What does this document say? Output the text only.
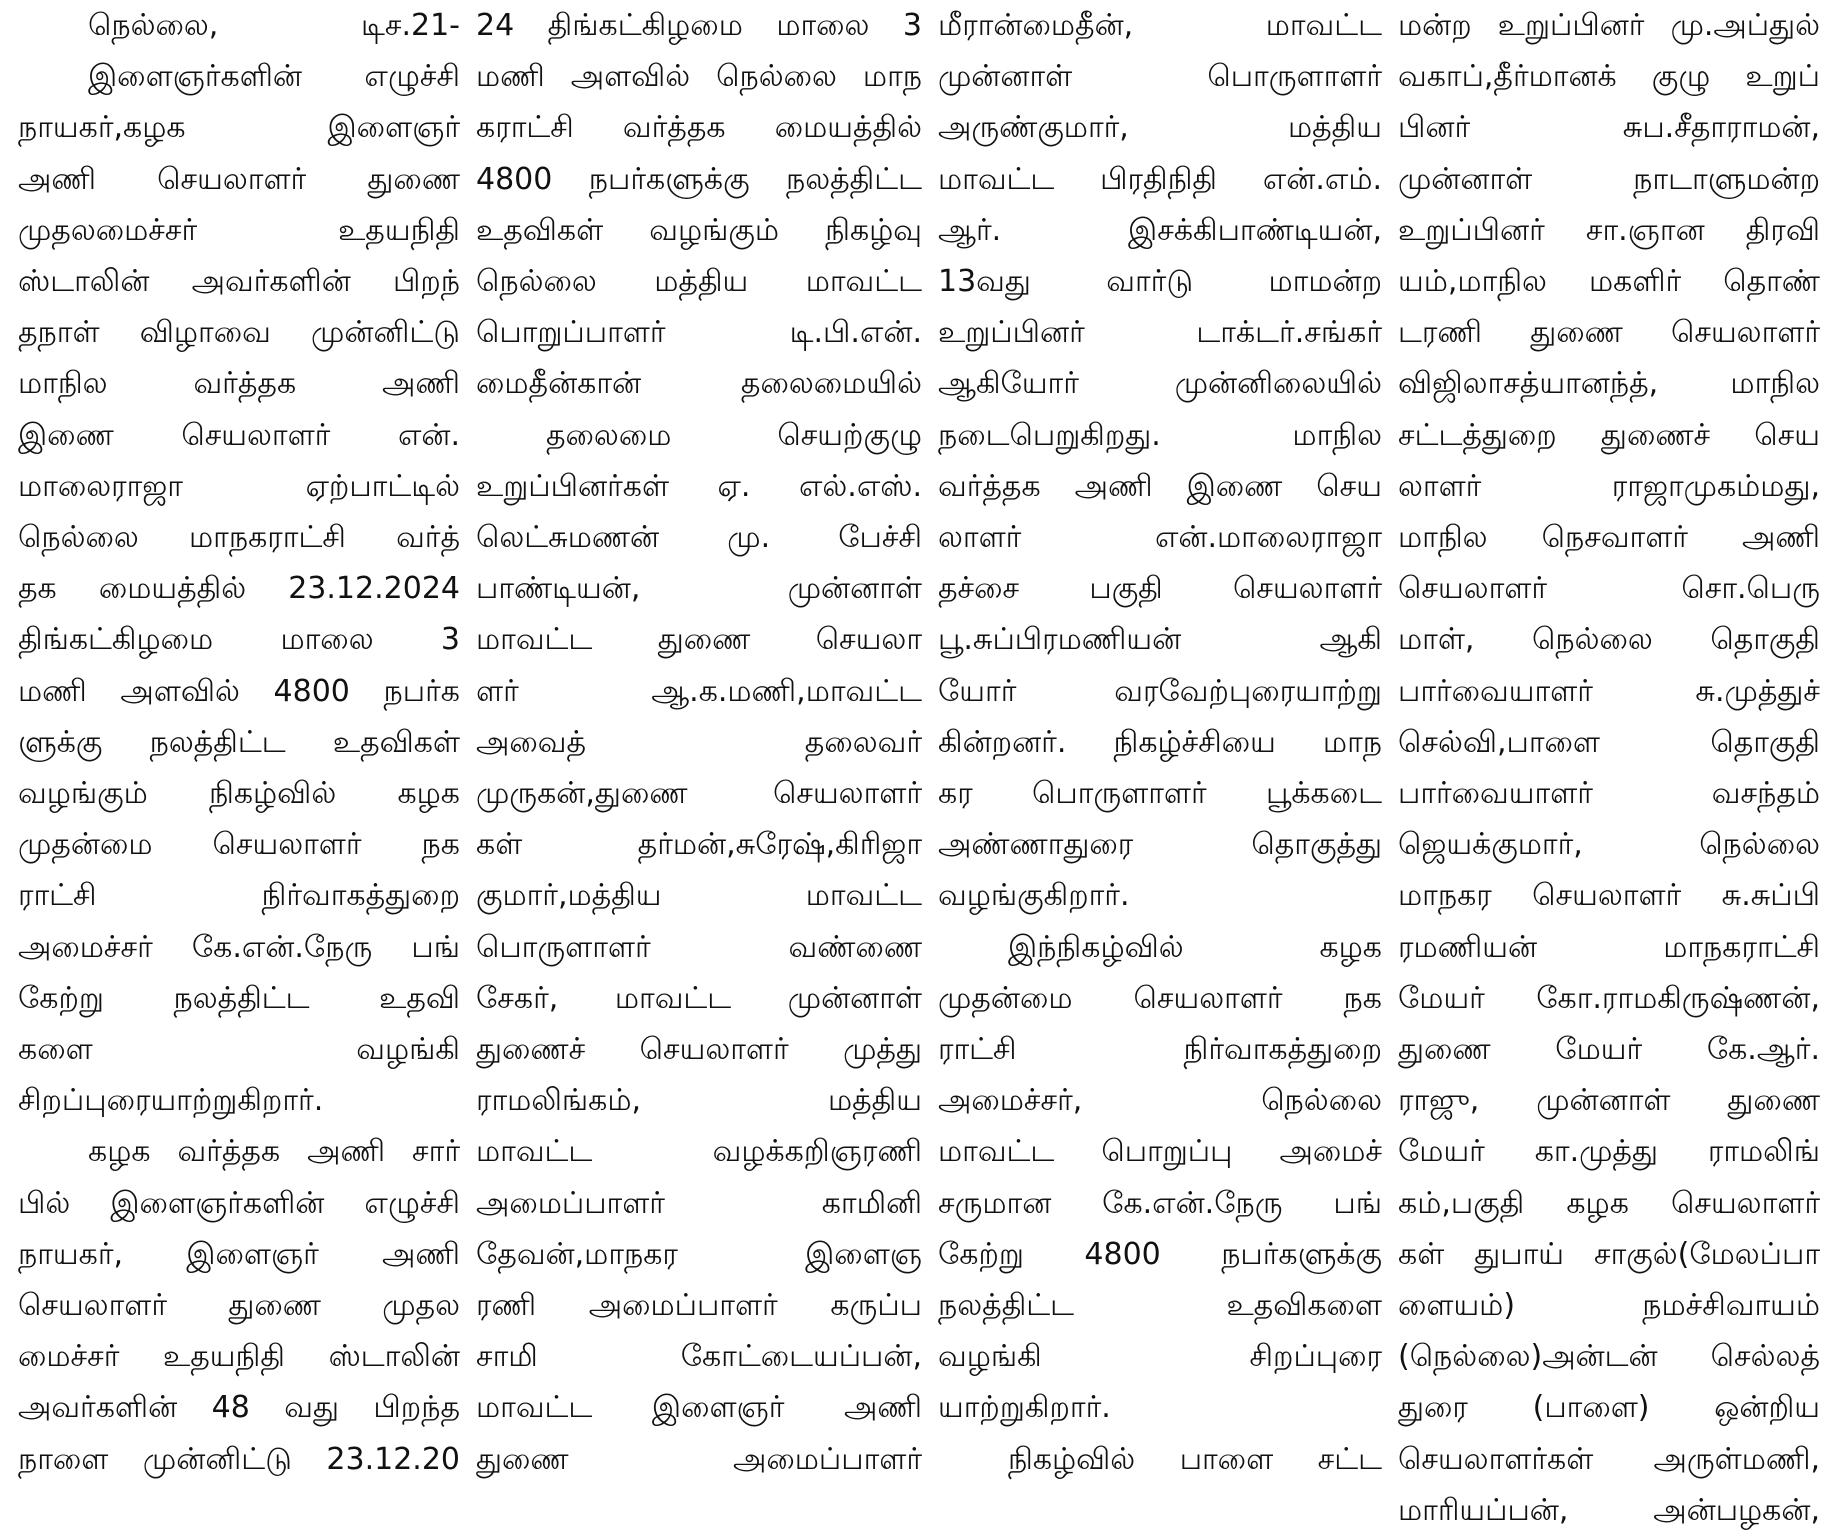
நெல்லை, டிச.21-
இளைஞர்களின் எழுச்சி
நாயகர்,கழக இளைஞர்
அணி செயலாளர் துணை
முதலமைச்சர் உதயநிதி
ஸ்டாலின் அவர்களின் பிறந்
தநாள் விழாவை முன்னிட்டு
மாநில வர்த்தக அணி
இணை செயலாளர் என்.
மாலைராஜா ஏற்பாட்டில்
நெல்லை மாநகராட்சி வர்த்
தக மையத்தில் 23.12.2024
திங்கட்கிழமை மாலை 3
மணி அளவில் 4800 நபர்க
ளுக்கு நலத்திட்ட உதவிகள்
வழங்கும் நிகழ்வில் கழக
முதன்மை செயலாளர் நக
ராட்சி நிர்வாகத்துறை
அமைச்சர் கே.என்.நேரு பங்
கேற்று நலத்திட்ட உதவி
களை வழங்கி
சிறப்புரையாற்றுகிறார்.
கழக வர்த்தக அணி சார்
பில் இளைஞர்களின் எழுச்சி
நாயகர், இளைஞர் அணி
செயலாளர் துணை முதல
மைச்சர் உதயநிதி ஸ்டாலின்
அவர்களின் 48 வது பிறந்த
நாளை முன்னிட்டு 23.12.20

24 திங்கட்கிழமை மாலை 3
மணி அளவில் நெல்லை மாந
கராட்சி வர்த்தக மையத்தில்
4800 நபர்களுக்கு நலத்திட்ட
உதவிகள் வழங்கும் நிகழ்வு
நெல்லை மத்திய மாவட்ட
பொறுப்பாளர் டி.பி.என்.
மைதீன்கான் தலைமையில்
தலைமை செயற்குழு
உறுப்பினர்கள் ஏ. எல்.எஸ்.
லெட்சுமணன் மு. பேச்சி
பாண்டியன், முன்னாள்
மாவட்ட துணை செயலா
ளர் ஆ.க.மணி,மாவட்ட
அவைத் தலைவர்
முருகன்,துணை செயலாளர்
கள் தர்மன்,சுரேஷ்,கிரிஜா
குமார்,மத்திய மாவட்ட
பொருளாளர் வண்ணை
சேகர், மாவட்ட முன்னாள்
துணைச் செயலாளர் முத்து
ராமலிங்கம், மத்திய
மாவட்ட வழக்கறிஞரணி
அமைப்பாளர் காமினி
தேவன்,மாநகர இளைஞ
ரணி அமைப்பாளர் கருப்ப
சாமி கோட்டையப்பன்,
மாவட்ட இளைஞர் அணி
துணை அமைப்பாளர்

மீரான்மைதீன், மாவட்ட
முன்னாள் பொருளாளர்
அருண்குமார், மத்திய
மாவட்ட பிரதிநிதி என்.எம்.
ஆர். இசக்கிபாண்டியன்,
13வது வார்டு மாமன்ற
உறுப்பினர் டாக்டர்.சங்கர்
ஆகியோர் முன்னிலையில்
நடைபெறுகிறது. மாநில
வர்த்தக அணி இணை செய
லாளர் என்.மாலைராஜா
தச்சை பகுதி செயலாளர்
பூ.சுப்பிரமணியன் ஆகி
யோர் வரவேற்புரையாற்று
கின்றனர். நிகழ்ச்சியை மாந
கர பொருளாளர் பூக்கடை
அண்ணாதுரை தொகுத்து
வழங்குகிறார்.
இந்நிகழ்வில் கழக
முதன்மை செயலாளர் நக
ராட்சி நிர்வாகத்துறை
அமைச்சர், நெல்லை
மாவட்ட பொறுப்பு அமைச்
சருமான கே.என்.நேரு பங்
கேற்று 4800 நபர்களுக்கு
நலத்திட்ட உதவிகளை
வழங்கி சிறப்புரை
யாற்றுகிறார்.
நிகழ்வில் பாளை சட்ட

மன்ற உறுப்பினர் மு.அப்துல்
வகாப்,தீர்மானக் குழு உறுப்
பினர் சுப.சீதாராமன்,
முன்னாள் நாடாளுமன்ற
உறுப்பினர் சா.ஞான திரவி
யம்,மாநில மகளிர் தொண்
டரணி துணை செயலாளர்
விஜிலாசத்யானந்த், மாநில
சட்டத்துறை துணைச் செய
லாளர் ராஜாமுகம்மது,
மாநில நெசவாளர் அணி
செயலாளர் சொ.பெரு
மாள், நெல்லை தொகுதி
பார்வையாளர் சு.முத்துச்
செல்வி,பாளை தொகுதி
பார்வையாளர் வசந்தம்
ஜெயக்குமார், நெல்லை
மாநகர செயலாளர் சு.சுப்பி
ரமணியன் மாநகராட்சி
மேயர் கோ.ராமகிருஷ்ணன்,
துணை மேயர் கே.ஆர்.
ராஜு, முன்னாள் துணை
மேயர் கா.முத்து ராமலிங்
கம்,பகுதி கழக செயலாளர்
கள் துபாய் சாகுல்(மேலப்பா
ளையம்) நமச்சிவாயம்
(நெல்லை)அன்டன் செல்லத்
துரை (பாளை) ஒன்றிய
செயலாளர்கள் அருள்மணி,
மாரியப்பன், அன்பழகன்,
